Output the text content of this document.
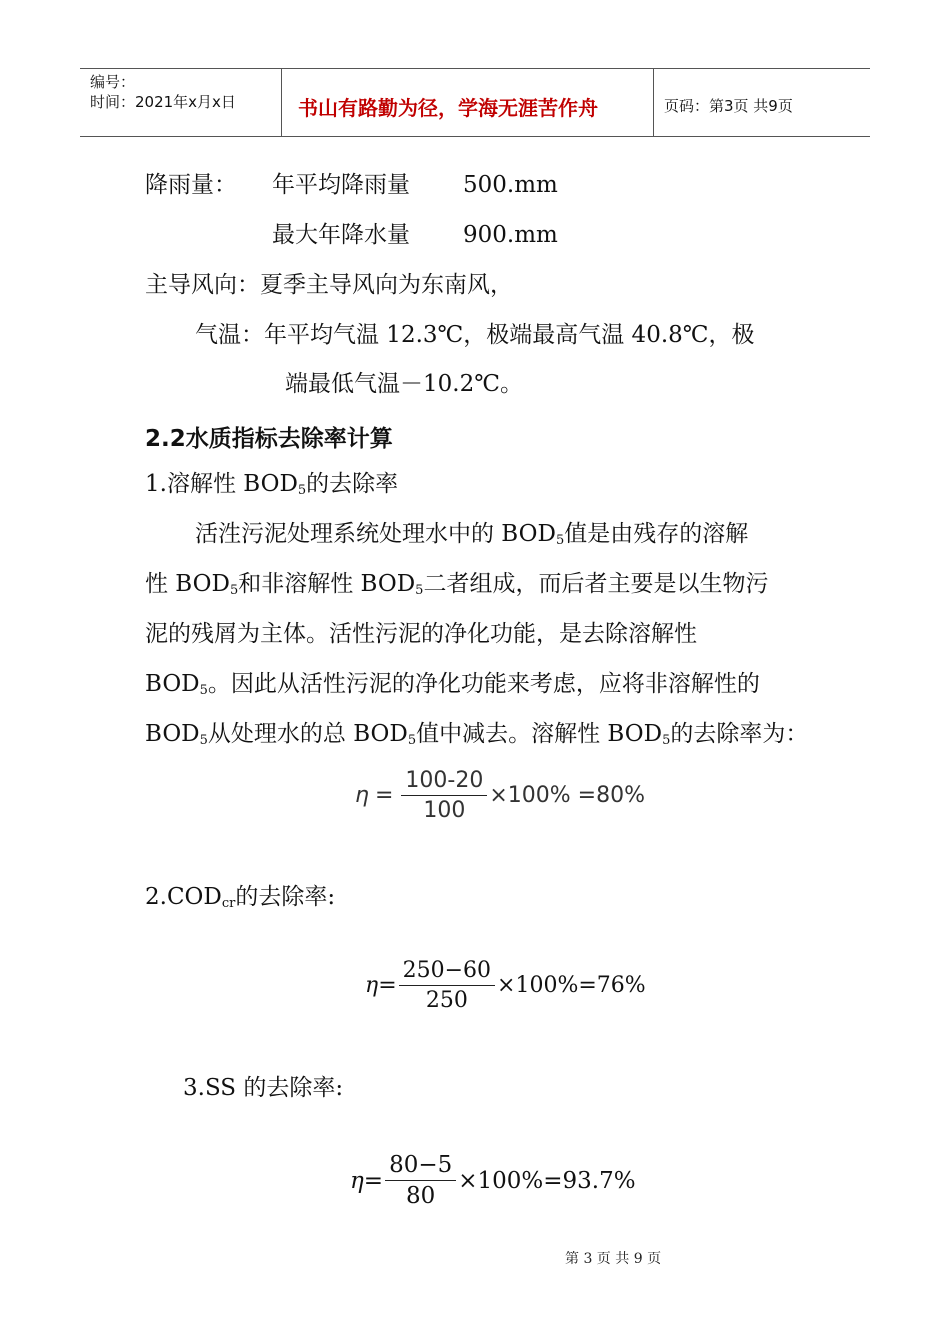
编号：
时间：2021年x月x日	书山有路勤为径，学海无涯苦作舟	页码：第3页 共9页
降雨量： 年平均降雨量 500.mm
最大年降水量 900.mm
主导风向：夏季主导风向为东南风，
气温：年平均气温 12.3℃，极端最高气温 40.8℃，极
端最低气温－10.2℃。
2.2水质指标去除率计算
1.溶解性 $BOD_5$的去除率
活泩污泥处理系统处理水中的 $BOD_5$值是由残存的溶解
性 $BOD_5$和非溶解性 $BOD_5$二者组成，而后者主要是以生物污
泥的残屑为主体。活性污泥的净化功能，是去除溶解性
$BOD_5$。因此从活性污泥的净化功能来考虑，应将非溶解性的
$BOD_5$从处理水的总 $BOD_5$值中减去。溶解性 $BOD_5$的去除率为：
$\eta = \frac{100-20}{100} \times 100\% =80\%$
$2.COD_{cr}$的去除率:
$\eta = \frac{250-60}{250} \times 100\%=76\%$
3.SS 的去除率:
$\eta = \frac{80-5}{80} \times 100\%=93.7\%$
第 3 页 共 9 页
